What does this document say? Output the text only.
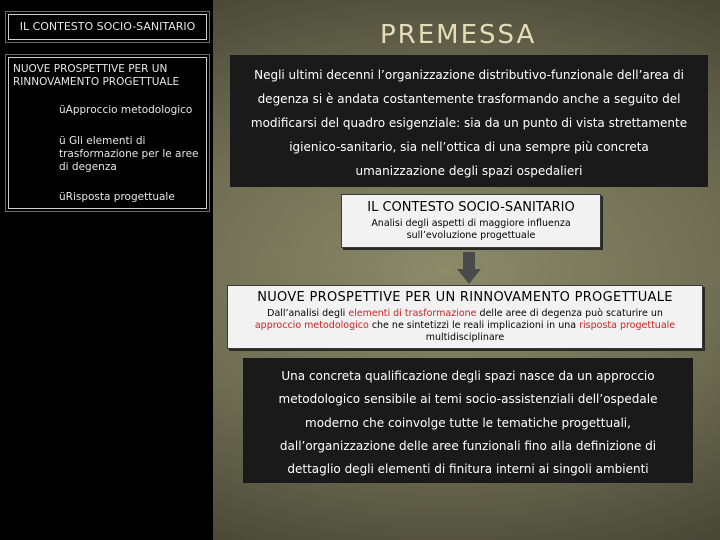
IL CONTESTO SOCIO-SANITARIO
NUOVE PROSPETTIVE PER UN RINNOVAMENTO PROGETTUALE
üApproccio metodologico
ü Gli elementi di trasformazione per le aree di degenza
üRisposta progettuale
PREMESSA
Negli ultimi decenni l’organizzazione distributivo-funzionale dell’area di
degenza si è andata costantemente trasformando anche a seguito del
modificarsi del quadro esigenziale: sia da un punto di vista strettamente
igienico-sanitario, sia nell’ottica di una sempre più concreta
umanizzazione degli spazi ospedalieri
IL CONTESTO SOCIO-SANITARIO
Analisi degli aspetti di maggiore influenza
sull’evoluzione progettuale
NUOVE PROSPETTIVE PER UN RINNOVAMENTO PROGETTUALE
Dall’analisi degli elementi di trasformazione delle aree di degenza può scaturire un
approccio metodologico che ne sintetizzi le reali implicazioni in una risposta progettuale
multidisciplinare
Una concreta qualificazione degli spazi nasce da un approccio
metodologico sensibile ai temi socio-assistenziali dell’ospedale
moderno che coinvolge tutte le tematiche progettuali,
dall’organizzazione delle aree funzionali fino alla definizione di
dettaglio degli elementi di finitura interni ai singoli ambienti
